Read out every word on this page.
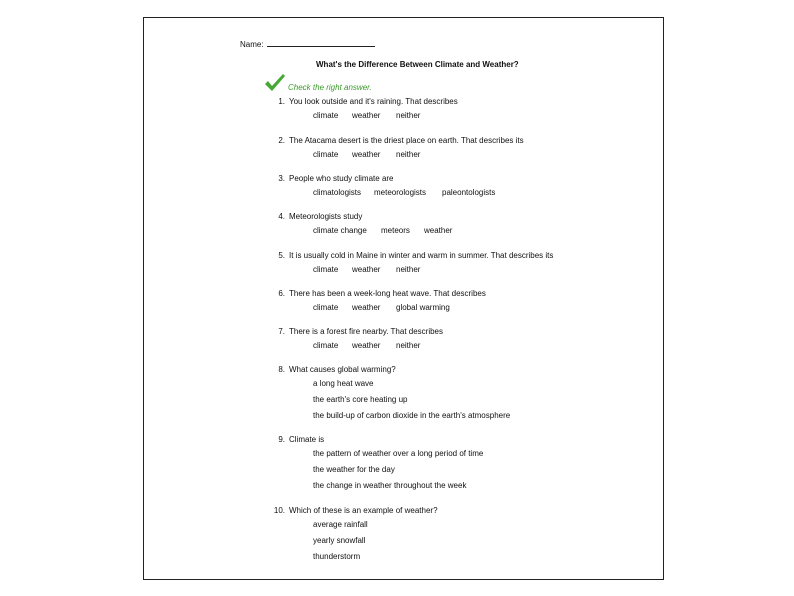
Name:
What's the Difference Between Climate and Weather?
Check the right answer.
1. You look outside and it's raining. That describes
climate weather neither
2. The Atacama desert is the driest place on earth. That describes its
climate weather neither
3. People who study climate are
climatologists meteorologists paleontologists
4. Meteorologists study
climate change meteors weather
5. It is usually cold in Maine in winter and warm in summer. That describes its
climate weather neither
6. There has been a week-long heat wave. That describes
climate weather global warming
7. There is a forest fire nearby. That describes
climate weather neither
8. What causes global warming?
a long heat wave
the earth's core heating up
the build-up of carbon dioxide in the earth's atmosphere
9. Climate is
the pattern of weather over a long period of time
the weather for the day
the change in weather throughout the week
10. Which of these is an example of weather?
average rainfall
yearly snowfall
thunderstorm
